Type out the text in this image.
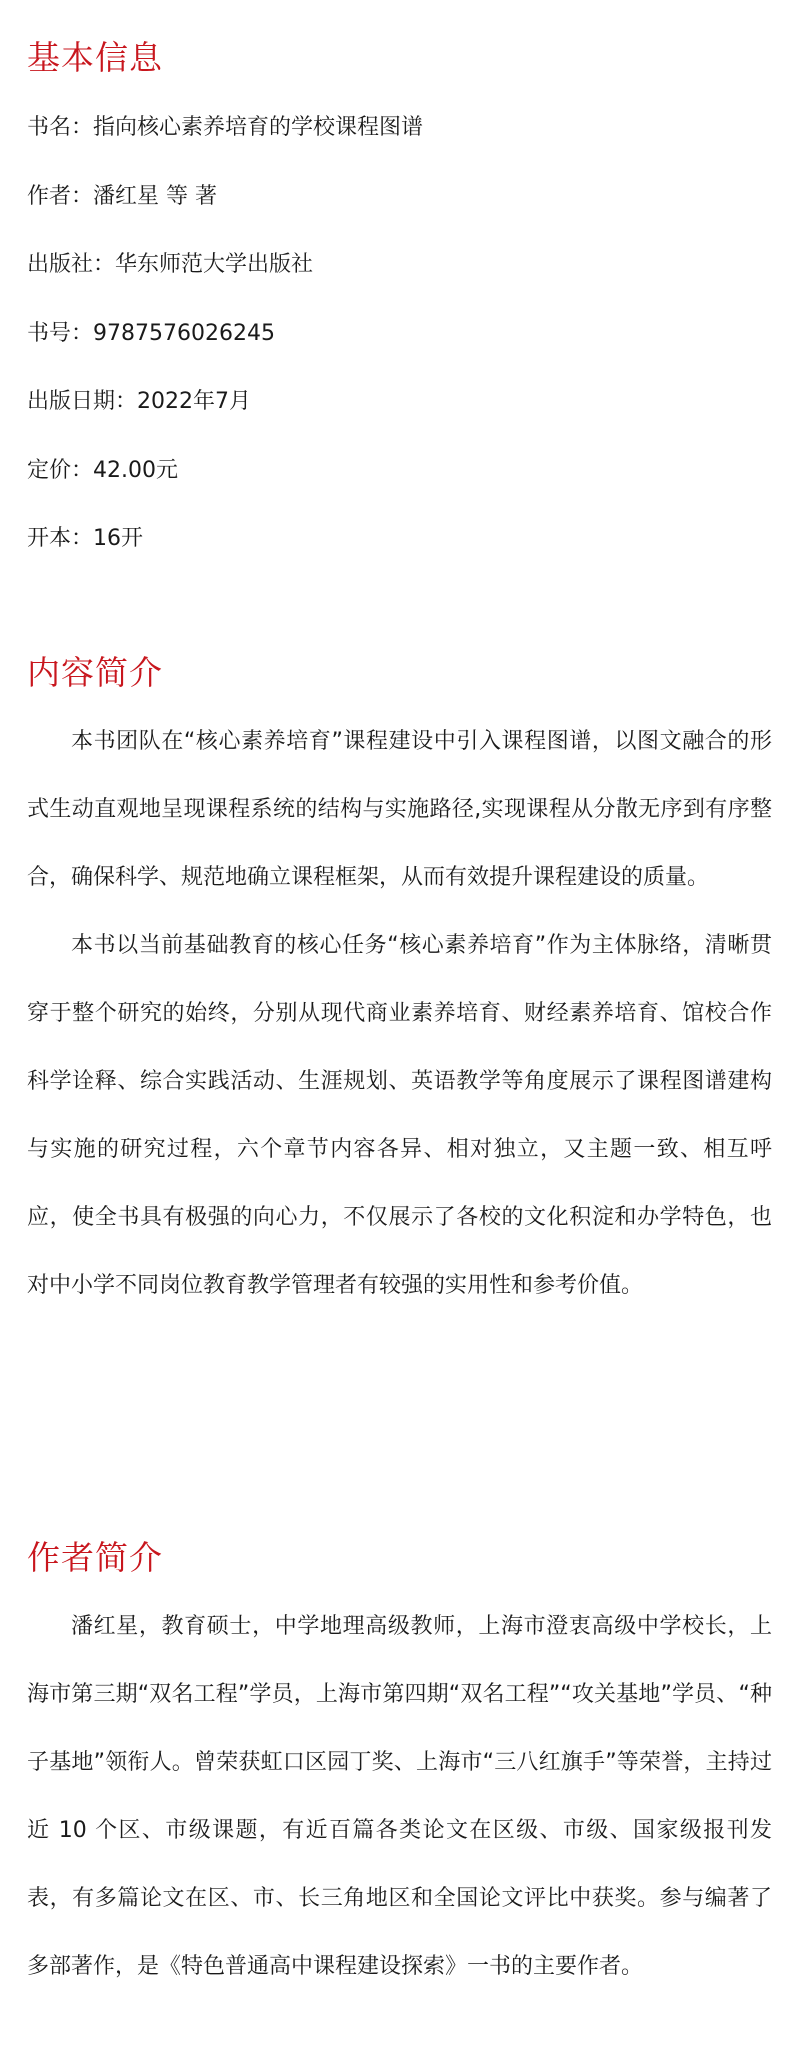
基本信息

书名：指向核心素养培育的学校课程图谱

作者：潘红星 等 著

出版社：华东师范大学出版社

书号：9787576026245

出版日期：2022年7月

定价：42.00元

开本：16开

内容简介

本书团队在“核心素养培育”课程建设中引入课程图谱，以图文融合的形式生动直观地呈现课程系统的结构与实施路径,实现课程从分散无序到有序整合，确保科学、规范地确立课程框架，从而有效提升课程建设的质量。

本书以当前基础教育的核心任务“核心素养培育”作为主体脉络，清晰贯穿于整个研究的始终，分别从现代商业素养培育、财经素养培育、馆校合作科学诠释、综合实践活动、生涯规划、英语教学等角度展示了课程图谱建构与实施的研究过程，六个章节内容各异、相对独立，又主题一致、相互呼应，使全书具有极强的向心力，不仅展示了各校的文化积淀和办学特色，也对中小学不同岗位教育教学管理者有较强的实用性和参考价值。

作者简介

潘红星，教育硕士，中学地理高级教师，上海市澄衷高级中学校长，上海市第三期“双名工程”学员，上海市第四期“双名工程”“攻关基地”学员、“种子基地”领衔人。曾荣获虹口区园丁奖、上海市“三八红旗手”等荣誉，主持过近 10 个区、市级课题，有近百篇各类论文在区级、市级、国家级报刊发表，有多篇论文在区、市、长三角地区和全国论文评比中获奖。参与编著了多部著作，是《特色普通高中课程建设探索》一书的主要作者。
